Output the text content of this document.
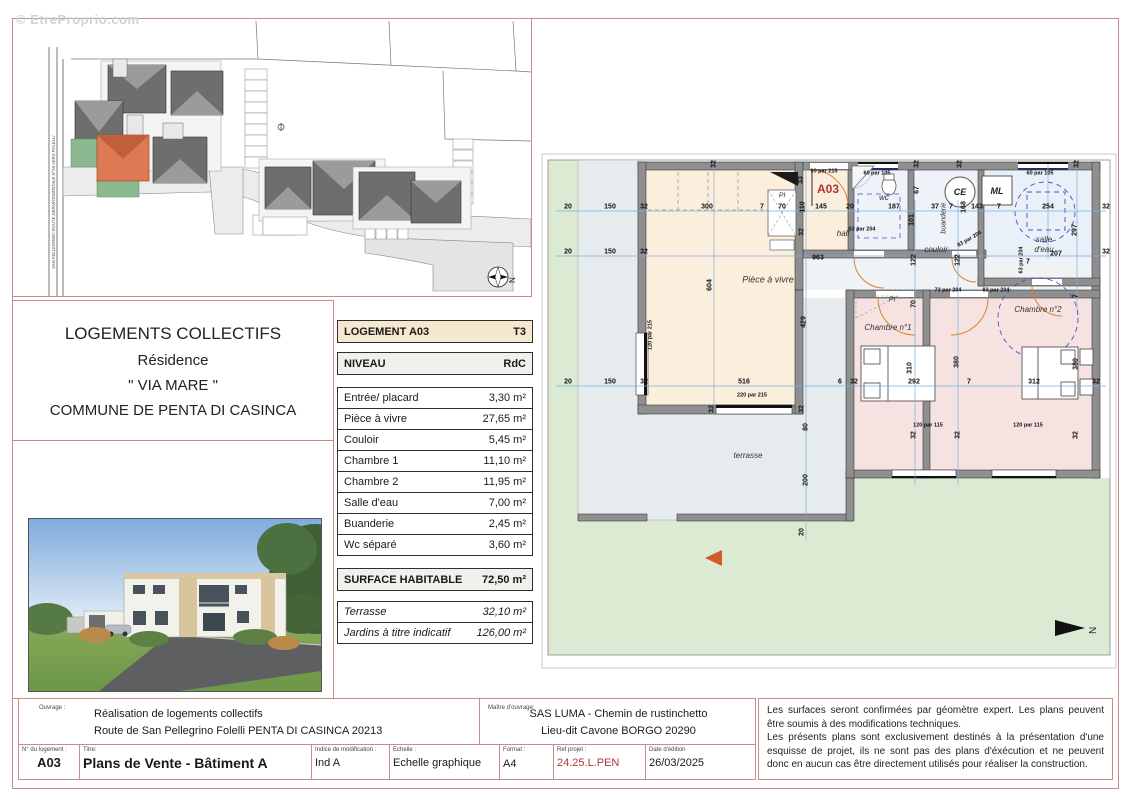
SAN PELLEGRINO ROUTE DEPARTEMENTALE N°58 VERS FOLELLI
N
© EtreProprio.com
LOGEMENTS COLLECTIFS
Résidence
" VIA MARE "
COMMUNE DE PENTA DI CASINCA
LOGEMENT A03	T3
NIVEAU	RdC
Entrée/ placard	3,30 m²
Pièce à vivre	27,65 m²
Couloir	5,45 m²
Chambre 1	11,10 m²
Chambre 2	11,95 m²
Salle d'eau	7,00 m²
Buanderie	2,45 m²
Wc séparé	3,60 m²
SURFACE HABITABLE 72,50 m²
Terrasse	32,10 m²
Jardins à titre indicatif 126,00 m²	N
CE	ML
Pièce à vivre
hall
wc
buanderie
salle
d'eau
couloir
Chambre n°1
Chambre n°2
terrasse
PI
PI
20	150	32	300	7 70	145	20	187	37 7	143 7	254	32
110
33
32
67
101
168
32	32	32	32
20	150	32
963	122	122	7
207
297
32
604
429
70
7
20	150	32	516	6 32	292
310
7
380
312
380
32
32	32
32	32	32
80
200
20
90 par 215	60 par 105	60 par 105
63 par 204
63 par 204
73 par 204	83 par 204
83 par 204
120 par 215
220 par 215
120 par 115	120 par 115
A03
Ouvrage :	Réalisation de logements collectifs
Route de San Pellegrino Folelli PENTA DI CASINCA 20213
Maître d'ouvrage:
SAS LUMA - Chemin de rustinchetto
Lieu-dit Cavone BORGO 20290
N° du logement :
A03
Titre:
Plans de Vente - Bâtiment A
Indice de modification :
Ind A
Echelle :
Echelle graphique
Format :
A4
Ref projet :
24.25.L.PEN
Date d'édition
26/03/2025
Les surfaces seront confirmées par géomètre expert. Les plans peuvent être soumis à des modifications techniques.
Les présents plans sont exclusivement destinés à la présentation d'une esquisse de projet, ils ne sont pas des plans d'éxécution et ne peuvent donc en aucun cas être directement utilisés pour réaliser la construction.
